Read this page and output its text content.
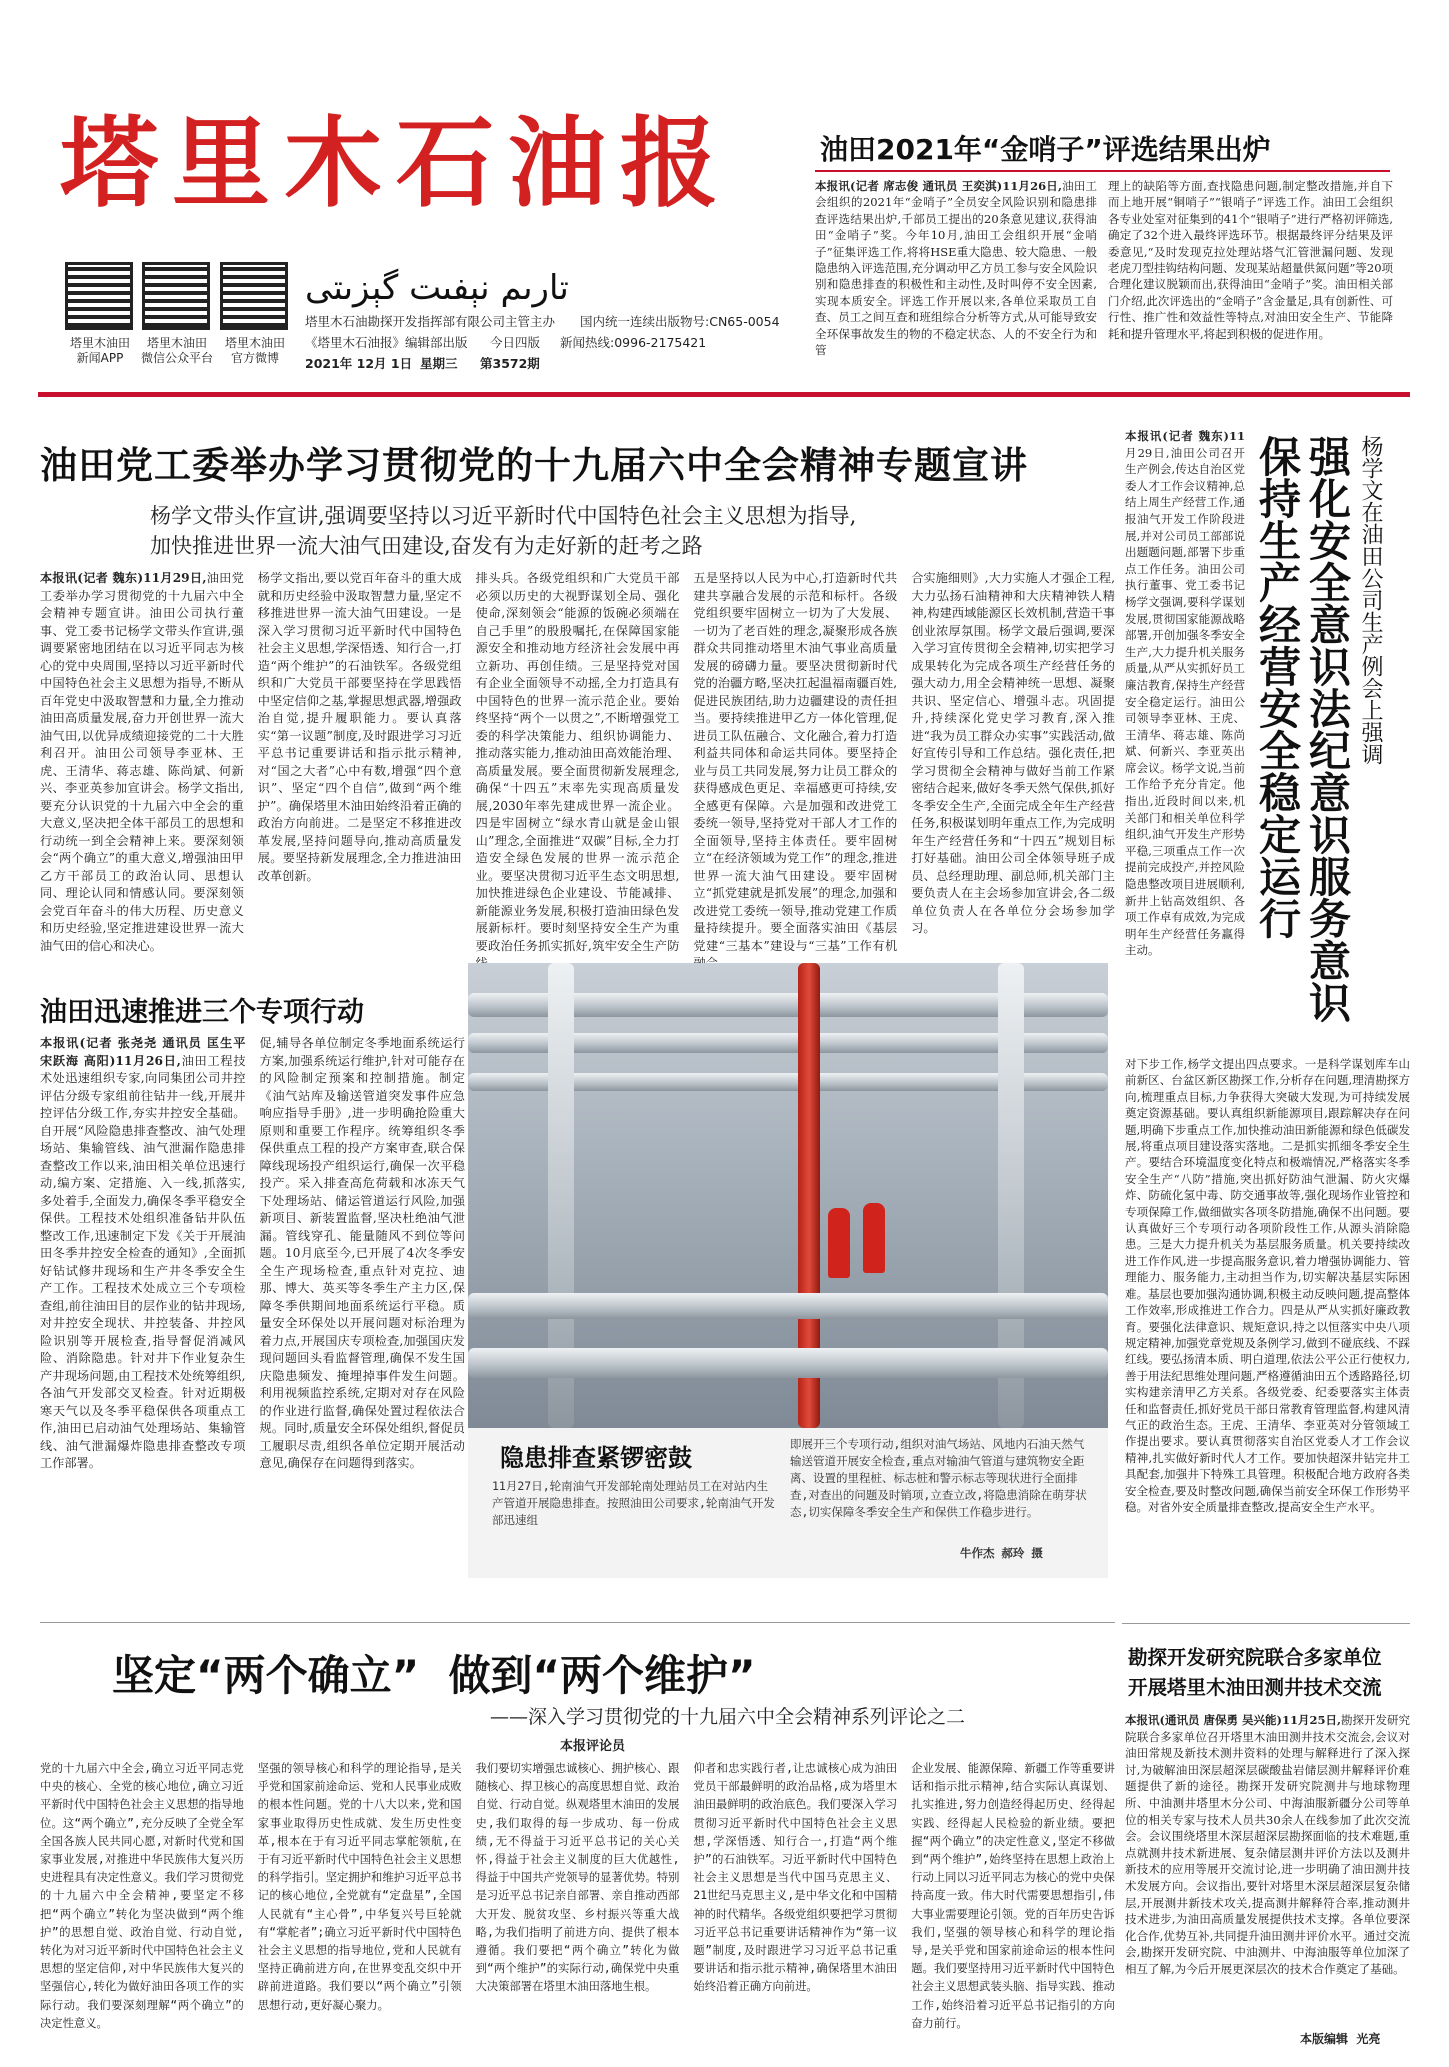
塔里木石油报
تارىم نېفىت گېزىتى
塔里木油田
新闻APP
塔里木油田
微信公众平台
塔里木油田
官方微博
塔里木石油勘探开发指挥部有限公司主管主办 国内统一连续出版物号:CN65-0054
《塔里木石油报》编辑部出版 今日四版 新闻热线:0996-2175421
2021年 12月 1日 星期三 第3572期
油田2021年“金哨子”评选结果出炉
本报讯(记者 席志俊 通讯员 王奕淇)11月26日,油田工会组织的2021年“金哨子”全员安全风险识别和隐患排查评选结果出炉,千部员工提出的20条意见建议,获得油田“金哨子”奖。今年10月,油田工会组织开展“金哨子”征集评选工作,将将HSE重大隐患、较大隐患、一般隐患纳入评选范围,充分调动甲乙方员工参与安全风险识别和隐患排查的积极性和主动性,及时叫停不安全因素,实现本质安全。评选工作开展以来,各单位采取员工自查、员工之间互查和班组综合分析等方式,从可能导致安全环保事故发生的物的不稳定状态、人的不安全行为和管
理上的缺陷等方面,查找隐患问题,制定整改措施,并自下而上地开展“铜哨子”“银哨子”评选工作。油田工会组织各专业处室对征集到的41个“银哨子”进行严格初评筛选,确定了32个进入最终评选环节。根据最终评分结果及评委意见,“及时发现克拉处理站塔气汇管泄漏问题、发现老虎刀型挂钩结构问题、发现某站超量供氮问题”等20项合理化建议脱颖而出,获得油田“金哨子”奖。油田相关部门介绍,此次评选出的“金哨子”含金量足,具有创新性、可行性、推广性和效益性等特点,对油田安全生产、节能降耗和提升管理水平,将起到积极的促进作用。
油田党工委举办学习贯彻党的十九届六中全会精神专题宣讲
杨学文带头作宣讲,强调要坚持以习近平新时代中国特色社会主义思想为指导,
加快推进世界一流大油气田建设,奋发有为走好新的赶考之路
本报讯(记者 魏东)11月29日,油田党工委举办学习贯彻党的十九届六中全会精神专题宣讲。油田公司执行董事、党工委书记杨学文带头作宣讲,强调要紧密地团结在以习近平同志为核心的党中央周围,坚持以习近平新时代中国特色社会主义思想为指导,不断从百年党史中汲取智慧和力量,全力推动油田高质量发展,奋力开创世界一流大油气田,以优异成绩迎接党的二十大胜利召开。油田公司领导李亚林、王虎、王清华、蒋志雄、陈尚斌、何新兴、李亚英参加宣讲会。杨学文指出,要充分认识党的十九届六中全会的重大意义,坚决把全体干部员工的思想和行动统一到全会精神上来。要深刻领会“两个确立”的重大意义,增强油田甲乙方干部员工的政治认同、思想认同、理论认同和情感认同。要深刻领会党百年奋斗的伟大历程、历史意义和历史经验,坚定推进建设世界一流大油气田的信心和决心。
杨学文指出,要以党百年奋斗的重大成就和历史经验中汲取智慧力量,坚定不移推进世界一流大油气田建设。一是深入学习贯彻习近平新时代中国特色社会主义思想,学深悟透、知行合一,打造“两个维护”的石油铁军。各级党组织和广大党员干部要坚持在学思践悟中坚定信仰之基,掌握思想武器,增强政治自觉,提升履职能力。要认真落实“第一议题”制度,及时跟进学习习近平总书记重要讲话和指示批示精神,对“国之大者”心中有数,增强“四个意识”、坚定“四个自信”,做到“两个维护”。确保塔里木油田始终沿着正确的政治方向前进。二是坚定不移推进改革发展,坚持问题导向,推动高质量发展。要坚持新发展理念,全力推进油田改革创新。
排头兵。各级党组织和广大党员干部必须以历史的大视野谋划全局、强化使命,深刻领会“能源的饭碗必须端在自己手里”的殷殷嘱托,在保障国家能源安全和推动地方经济社会发展中再立新功、再创佳绩。三是坚持党对国有企业全面领导不动摇,全力打造具有中国特色的世界一流示范企业。要始终坚持“两个一以贯之”,不断增强党工委的科学决策能力、组织协调能力、推动落实能力,推动油田高效能治理、高质量发展。要全面贯彻新发展理念,确保“十四五”末率先实现高质量发展,2030年率先建成世界一流企业。四是牢固树立“绿水青山就是金山银山”理念,全面推进“双碳”目标,全力打造安全绿色发展的世界一流示范企业。要坚决贯彻习近平生态文明思想,加快推进绿色企业建设、节能减排、新能源业务发展,积极打造油田绿色发展新标杆。要时刻坚持安全生产为重要政治任务抓实抓好,筑牢安全生产防
五是坚持以人民为中心,打造新时代共建共享融合发展的示范和标杆。各级党组织要牢固树立一切为了大发展、一切为了老百姓的理念,凝聚形成各族群众共同推动塔里木油气事业高质量发展的磅礴力量。要坚决贯彻新时代党的治疆方略,坚决扛起温福南疆百姓,促进民族团结,助力边疆建设的责任担当。要持续推进甲乙方一体化管理,促进员工队伍融合、文化融合,着力打造利益共同体和命运共同体。要坚持企业与员工共同发展,努力让员工群众的获得感成色更足、幸福感更可持续,安全感更有保障。六是加强和改进党工委统一领导,坚持党对干部人才工作的全面领导,坚持主体责任。要牢固树立“在经济领域为党工作”的理念,推进世界一流大油气田建设。要牢固树立“抓党建就是抓发展”的理念,加强和改进党工委统一领导,推动党建工作质量持续提升。要全面落实油田《基层党建“三基本”建设与“三基”工作有机
合实施细则》,大力实施人才强企工程,大力弘扬石油精神和大庆精神铁人精神,构建西域能源区长效机制,营造干事创业浓厚氛围。杨学文最后强调,要深入学习宣传贯彻全会精神,切实把学习成果转化为完成各项生产经营任务的强大动力,用全会精神统一思想、凝聚共识、坚定信心、增强斗志。巩固提升,持续深化党史学习教育,深入推进“我为员工群众办实事”实践活动,做好宣传引导和工作总结。强化责任,把学习贯彻全会精神与做好当前工作紧密结合起来,做好冬季天然气保供,抓好冬季安全生产,全面完成全年生产经营任务,积极谋划明年重点工作,为完成明年生产经营任务和“十四五”规划目标打好基础。油田公司全体领导班子成员、总经理助理、副总师,机关部门主要负责人在主会场参加宣讲会,各二级单位负责人在各单位分会场参加学习。
杨学文在油田公司生产例会上强调
强化安全意识法纪意识服务意识
保持生产经营安全稳定运行
本报讯(记者 魏东)11月29日,油田公司召开生产例会,传达自治区党委人才工作会议精神,总结上周生产经营工作,通报油气开发工作阶段进展,并对公司员工部部说出题题问题,部署下步重点工作任务。油田公司执行董事、党工委书记杨学文强调,要科学谋划发展,贯彻国家能源战略部署,开创加强冬季安全生产,大力提升机关服务质量,从严从实抓好员工廉洁教育,保持生产经营安全稳定运行。油田公司领导李亚林、王虎、王清华、蒋志雄、陈尚斌、何新兴、李亚英出席会议。杨学文说,当前工作给予充分肯定。他指出,近段时间以来,机关部门和相关单位科学组织,油气开发生产形势平稳,三项重点工作一次提前完成投产,并控风险隐患整改项目进展顺利,新井上钻高效组织、各项工作卓有成效,为完成明年生产经营任务赢得主动。
对下步工作,杨学文提出四点要求。一是科学谋划库车山前新区、台盆区新区勘探工作,分析存在问题,理清勘探方向,梳理重点目标,力争获得大突破大发现,为可持续发展奠定资源基础。要认真组织新能源项目,跟踪解决存在问题,明确下步重点工作,加快推动油田新能源和绿色低碳发展,将重点项目建设落实落地。二是抓实抓细冬季安全生产。要结合环境温度变化特点和极端情况,严格落实冬季安全生产“八防”措施,突出抓好防油气泄漏、防火灾爆炸、防硫化氢中毒、防交通事故等,强化现场作业管控和专项保障工作,做细做实各项冬防措施,确保不出问题。要认真做好三个专项行动各项阶段性工作,从源头消除隐患。三是大力提升机关为基层服务质量。机关要持续改进工作作风,进一步提高服务意识,着力增强协调能力、管理能力、服务能力,主动担当作为,切实解决基层实际困难。基层也要加强沟通协调,积极主动反映问题,提高整体工作效率,形成推进工作合力。四是从严从实抓好廉政教育。要强化法律意识、规矩意识,持之以恒落实中央八项规定精神,加强党章党规及条例学习,做到不碰底线、不踩红线。要弘扬清本质、明白道理,依法公平公正行使权力,善于用法纪思维处理问题,严格遵循油田五个透路路径,切实构建亲清甲乙方关系。各级党委、纪委要落实主体责任和监督责任,抓好党员干部日常教育管理监督,构建风清气正的政治生态。王虎、王清华、李亚英对分管领域工作提出要求。要认真贯彻落实自治区党委人才工作会议精神,扎实做好新时代人才工作。要加快超深井钻完井工具配套,加强井下特殊工具管理。积极配合地方政府各类安全检查,要及时整改问题,确保当前安全环保工作形势平稳。对省外安全质量排查整改,提高安全生产水平。
油田迅速推进三个专项行动
本报讯(记者 张尧尧 通讯员 匡生平 宋跃海 高阳)11月26日,油田工程技术处迅速组织专家,向同集团公司井控评估分级专家组前往钻井一线,开展井控评估分级工作,夯实井控安全基础。自开展“风险隐患排查整改、油气处理场站、集输管线、油气泄漏作隐患排查整改工作以来,油田相关单位迅速行动,编方案、定措施、入一线,抓落实,多处着手,全面发力,确保冬季平稳安全保供。工程技术处组织准备钻井队伍整改工作,迅速制定下发《关于开展油田冬季井控安全检查的通知》,全面抓好钻试修井现场和生产井冬季安全生产工作。工程技术处成立三个专项检查组,前往油田目的层作业的钻井现场,对井控安全现状、井控装备、井控风险识别等开展检查,指导督促消减风险、消除隐患。针对井下作业复杂生产井现场问题,由工程技术处统筹组织,各油气开发部交叉检查。针对近期极寒天气以及冬季平稳保供各项重点工作,油田已启动油气处理场站、集输管线、油气泄漏爆炸隐患排查整改专项工作部署。
促,辅导各单位制定冬季地面系统运行方案,加强系统运行维护,针对可能存在的风险制定预案和控制措施。制定《油气站库及输送管道突发事件应急响应指导手册》,进一步明确抢险重大原则和重要工作程序。统筹组织冬季保供重点工程的投产方案审查,联合保障线现场投产组织运行,确保一次平稳投产。采入排查高危荷载和冰冻天气下处理场站、储运管道运行风险,加强新项目、新装置监督,坚决杜绝油气泄漏。管线穿孔、能量随风不到位等问题。10月底至今,已开展了4次冬季安全生产现场检查,重点针对克拉、迪那、博大、英买等冬季生产主力区,保障冬季供期间地面系统运行平稳。质量安全环保处以开展问题对标治理为着力点,开展国庆专项检查,加强国庆发现问题回头看监督管理,确保不发生国庆隐患频发、掩埋掉事件发生问题。利用视频监控系统,定期对对存在风险的作业进行监督,确保处置过程依法合规。同时,质量安全环保处组织,督促员工履职尽责,组织各单位定期开展活动意见,确保存在问题得到落实。	隐患排查紧锣密鼓
11月27日,轮南油气开发部轮南处理站员工在对站内生产管道开展隐患排查。按照油田公司要求,轮南油气开发部迅速组
即展开三个专项行动,组织对油气场站、风地内石油天然气输送管道开展安全检查,重点对输油气管道与建筑物安全距离、设置的里程桩、标志桩和警示标志等现状进行全面排查,对查出的问题及时销项,立查立改,将隐患消除在萌芽状态,切实保障冬季安全生产和保供工作稳步进行。
牛作杰 郝玲 摄
坚定“两个确立”  做到“两个维护”
——深入学习贯彻党的十九届六中全会精神系列评论之二
本报评论员
党的十九届六中全会,确立习近平同志党中央的核心、全党的核心地位,确立习近平新时代中国特色社会主义思想的指导地位。这“两个确立”,充分反映了全党全军全国各族人民共同心愿,对新时代党和国家事业发展,对推进中华民族伟大复兴历史进程具有决定性意义。我们学习贯彻党的十九届六中全会精神,要坚定不移把“两个确立”转化为坚决做到“两个维护”的思想自觉、政治自觉、行动自觉,转化为对习近平新时代中国特色社会主义思想的坚定信仰,对中华民族伟大复兴的坚强信心,转化为做好油田各项工作的实际行动。我们要深刻理解“两个确立”的决定性意义。
坚强的领导核心和科学的理论指导,是关乎党和国家前途命运、党和人民事业成败的根本性问题。党的十八大以来,党和国家事业取得历史性成就、发生历史性变革,根本在于有习近平同志掌舵领航,在于有习近平新时代中国特色社会主义思想的科学指引。坚定拥护和维护习近平总书记的核心地位,全党就有“定盘星”,全国人民就有“主心骨”,中华复兴号巨轮就有“掌舵者”;确立习近平新时代中国特色社会主义思想的指导地位,党和人民就有坚持正确前进方向,在世界变乱交织中开辟前进道路。我们要以“两个确立”引领思想行动,更好凝心聚力。
我们要切实增强忠诚核心、拥护核心、跟随核心、捍卫核心的高度思想自觉、政治自觉、行动自觉。纵观塔里木油田的发展史,我们取得的每一步成功、每一份成绩,无不得益于习近平总书记的关心关怀,得益于社会主义制度的巨大优越性,得益于中国共产党领导的显著优势。特别是习近平总书记亲自部署、亲自推动西部大开发、脱贫攻坚、乡村振兴等重大战略,为我们指明了前进方向、提供了根本遵循。我们要把“两个确立”转化为做到“两个维护”的实际行动,确保党中央重大决策部署在塔里木油田落地生根。
仰者和忠实践行者,让忠诚核心成为油田党员干部最鲜明的政治品格,成为塔里木油田最鲜明的政治底色。我们要深入学习贯彻习近平新时代中国特色社会主义思想,学深悟透、知行合一,打造“两个维护”的石油铁军。习近平新时代中国特色社会主义思想是当代中国马克思主义、21世纪马克思主义,是中华文化和中国精神的时代精华。各级党组织要把学习贯彻习近平总书记重要讲话精神作为“第一议题”制度,及时跟进学习习近平总书记重要讲话和指示批示精神,确保塔里木油田始终沿着正确方向前进。
企业发展、能源保障、新疆工作等重要讲话和指示批示精神,结合实际认真谋划、扎实推进,努力创造经得起历史、经得起实践、经得起人民检验的新业绩。要把握“两个确立”的决定性意义,坚定不移做到“两个维护”,始终坚持在思想上政治上行动上同以习近平同志为核心的党中央保持高度一致。伟大时代需要思想指引,伟大事业需要理论引领。党的百年历史告诉我们,坚强的领导核心和科学的理论指导,是关乎党和国家前途命运的根本性问题。我们要坚持用习近平新时代中国特色社会主义思想武装头脑、指导实践、推动工作,始终沿着习近平总书记指引的方向奋力前行。
勘探开发研究院联合多家单位
开展塔里木油田测井技术交流
本报讯(通讯员 唐保勇 吴兴能)11月25日,勘探开发研究院联合多家单位召开塔里木油田测井技术交流会,会议对油田常规及新技术测井资料的处理与解释进行了深入探讨,为破解油田深层超深层碳酸盐岩储层测井解释评价难题提供了新的途径。勘探开发研究院测井与地球物理所、中油测井塔里木分公司、中海油服新疆分公司等单位的相关专家与技术人员共30余人在线参加了此次交流会。会议围绕塔里木深层超深层勘探面临的技术难题,重点就测井技术新进展、复杂储层测井评价方法以及测井新技术的应用等展开交流讨论,进一步明确了油田测井技术发展方向。会议指出,要针对塔里木深层超深层复杂储层,开展测井新技术攻关,提高测井解释符合率,推动测井技术进步,为油田高质量发展提供技术支撑。各单位要深化合作,优势互补,共同提升油田测井评价水平。通过交流会,勘探开发研究院、中油测井、中海油服等单位加深了相互了解,为今后开展更深层次的技术合作奠定了基础。
本版编辑  光亮
